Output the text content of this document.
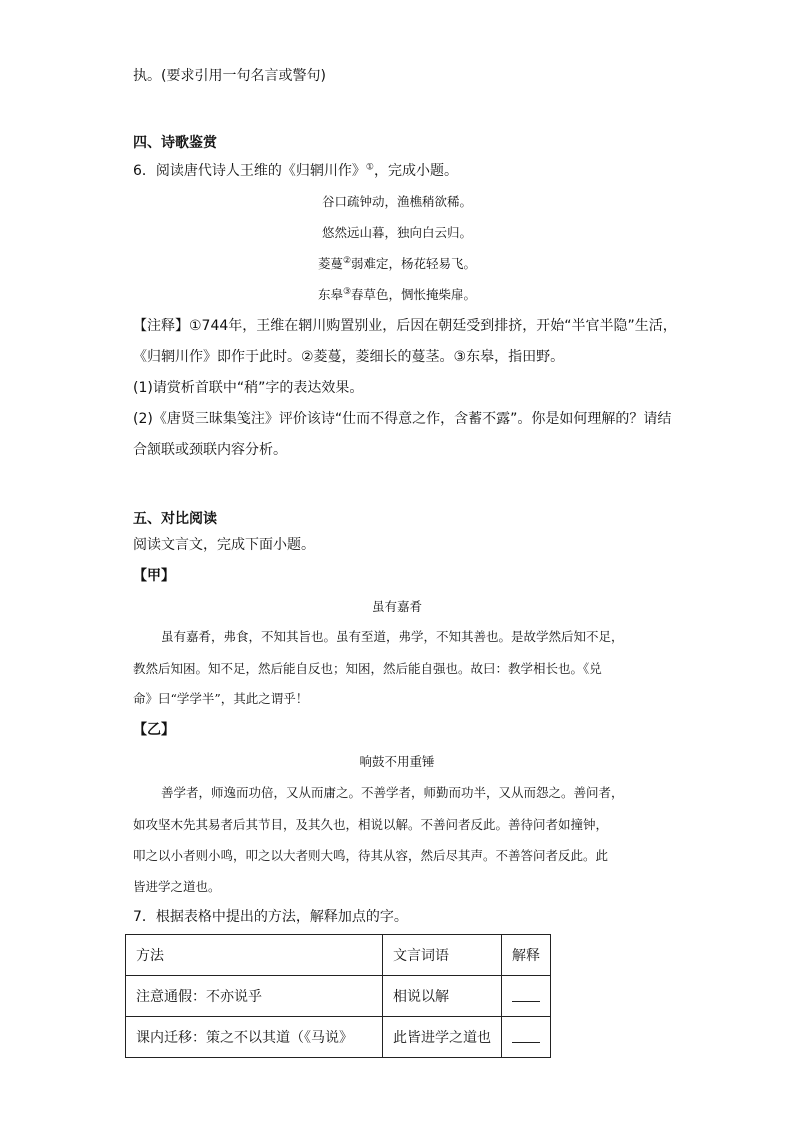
执。(要求引用一句名言或警句)
四、诗歌鉴赏
6．阅读唐代诗人王维的《归辋川作》①，完成小题。
谷口疏钟动，渔樵稍欲稀。
悠然远山暮，独向白云归。
菱蔓②弱难定，杨花轻易飞。
东皋③春草色，惆怅掩柴扉。
【注释】①744年，王维在辋川购置别业，后因在朝廷受到排挤，开始“半官半隐”生活，
《归辋川作》即作于此时。②菱蔓，菱细长的蔓茎。③东皋，指田野。
(1)请赏析首联中“稍”字的表达效果。
(2)《唐贤三昧集笺注》评价该诗“仕而不得意之作，含蓄不露”。你是如何理解的？请结
合颔联或颈联内容分析。
五、对比阅读
阅读文言文，完成下面小题。
【甲】
虽有嘉肴
虽有嘉肴，弗食，不知其旨也。虽有至道，弗学，不知其善也。是故学然后知不足，
教然后知困。知不足，然后能自反也；知困，然后能自强也。故曰：教学相长也。《兑
命》曰“学学半”，其此之谓乎！
【乙】
响鼓不用重锤
善学者，师逸而功倍，又从而庸之。不善学者，师勤而功半，又从而怨之。善问者，
如攻坚木先其易者后其节目，及其久也，相说以解。不善问者反此。善待问者如撞钟，
叩之以小者则小鸣，叩之以大者则大鸣，待其从容，然后尽其声。不善答问者反此。此
皆进学之道也。
7．根据表格中提出的方法，解释加点的字。
方法	文言词语	解释
注意通假：不亦说乎	相说以解	
课内迁移：策之不以其道（《马说》	此皆进学之道也	
